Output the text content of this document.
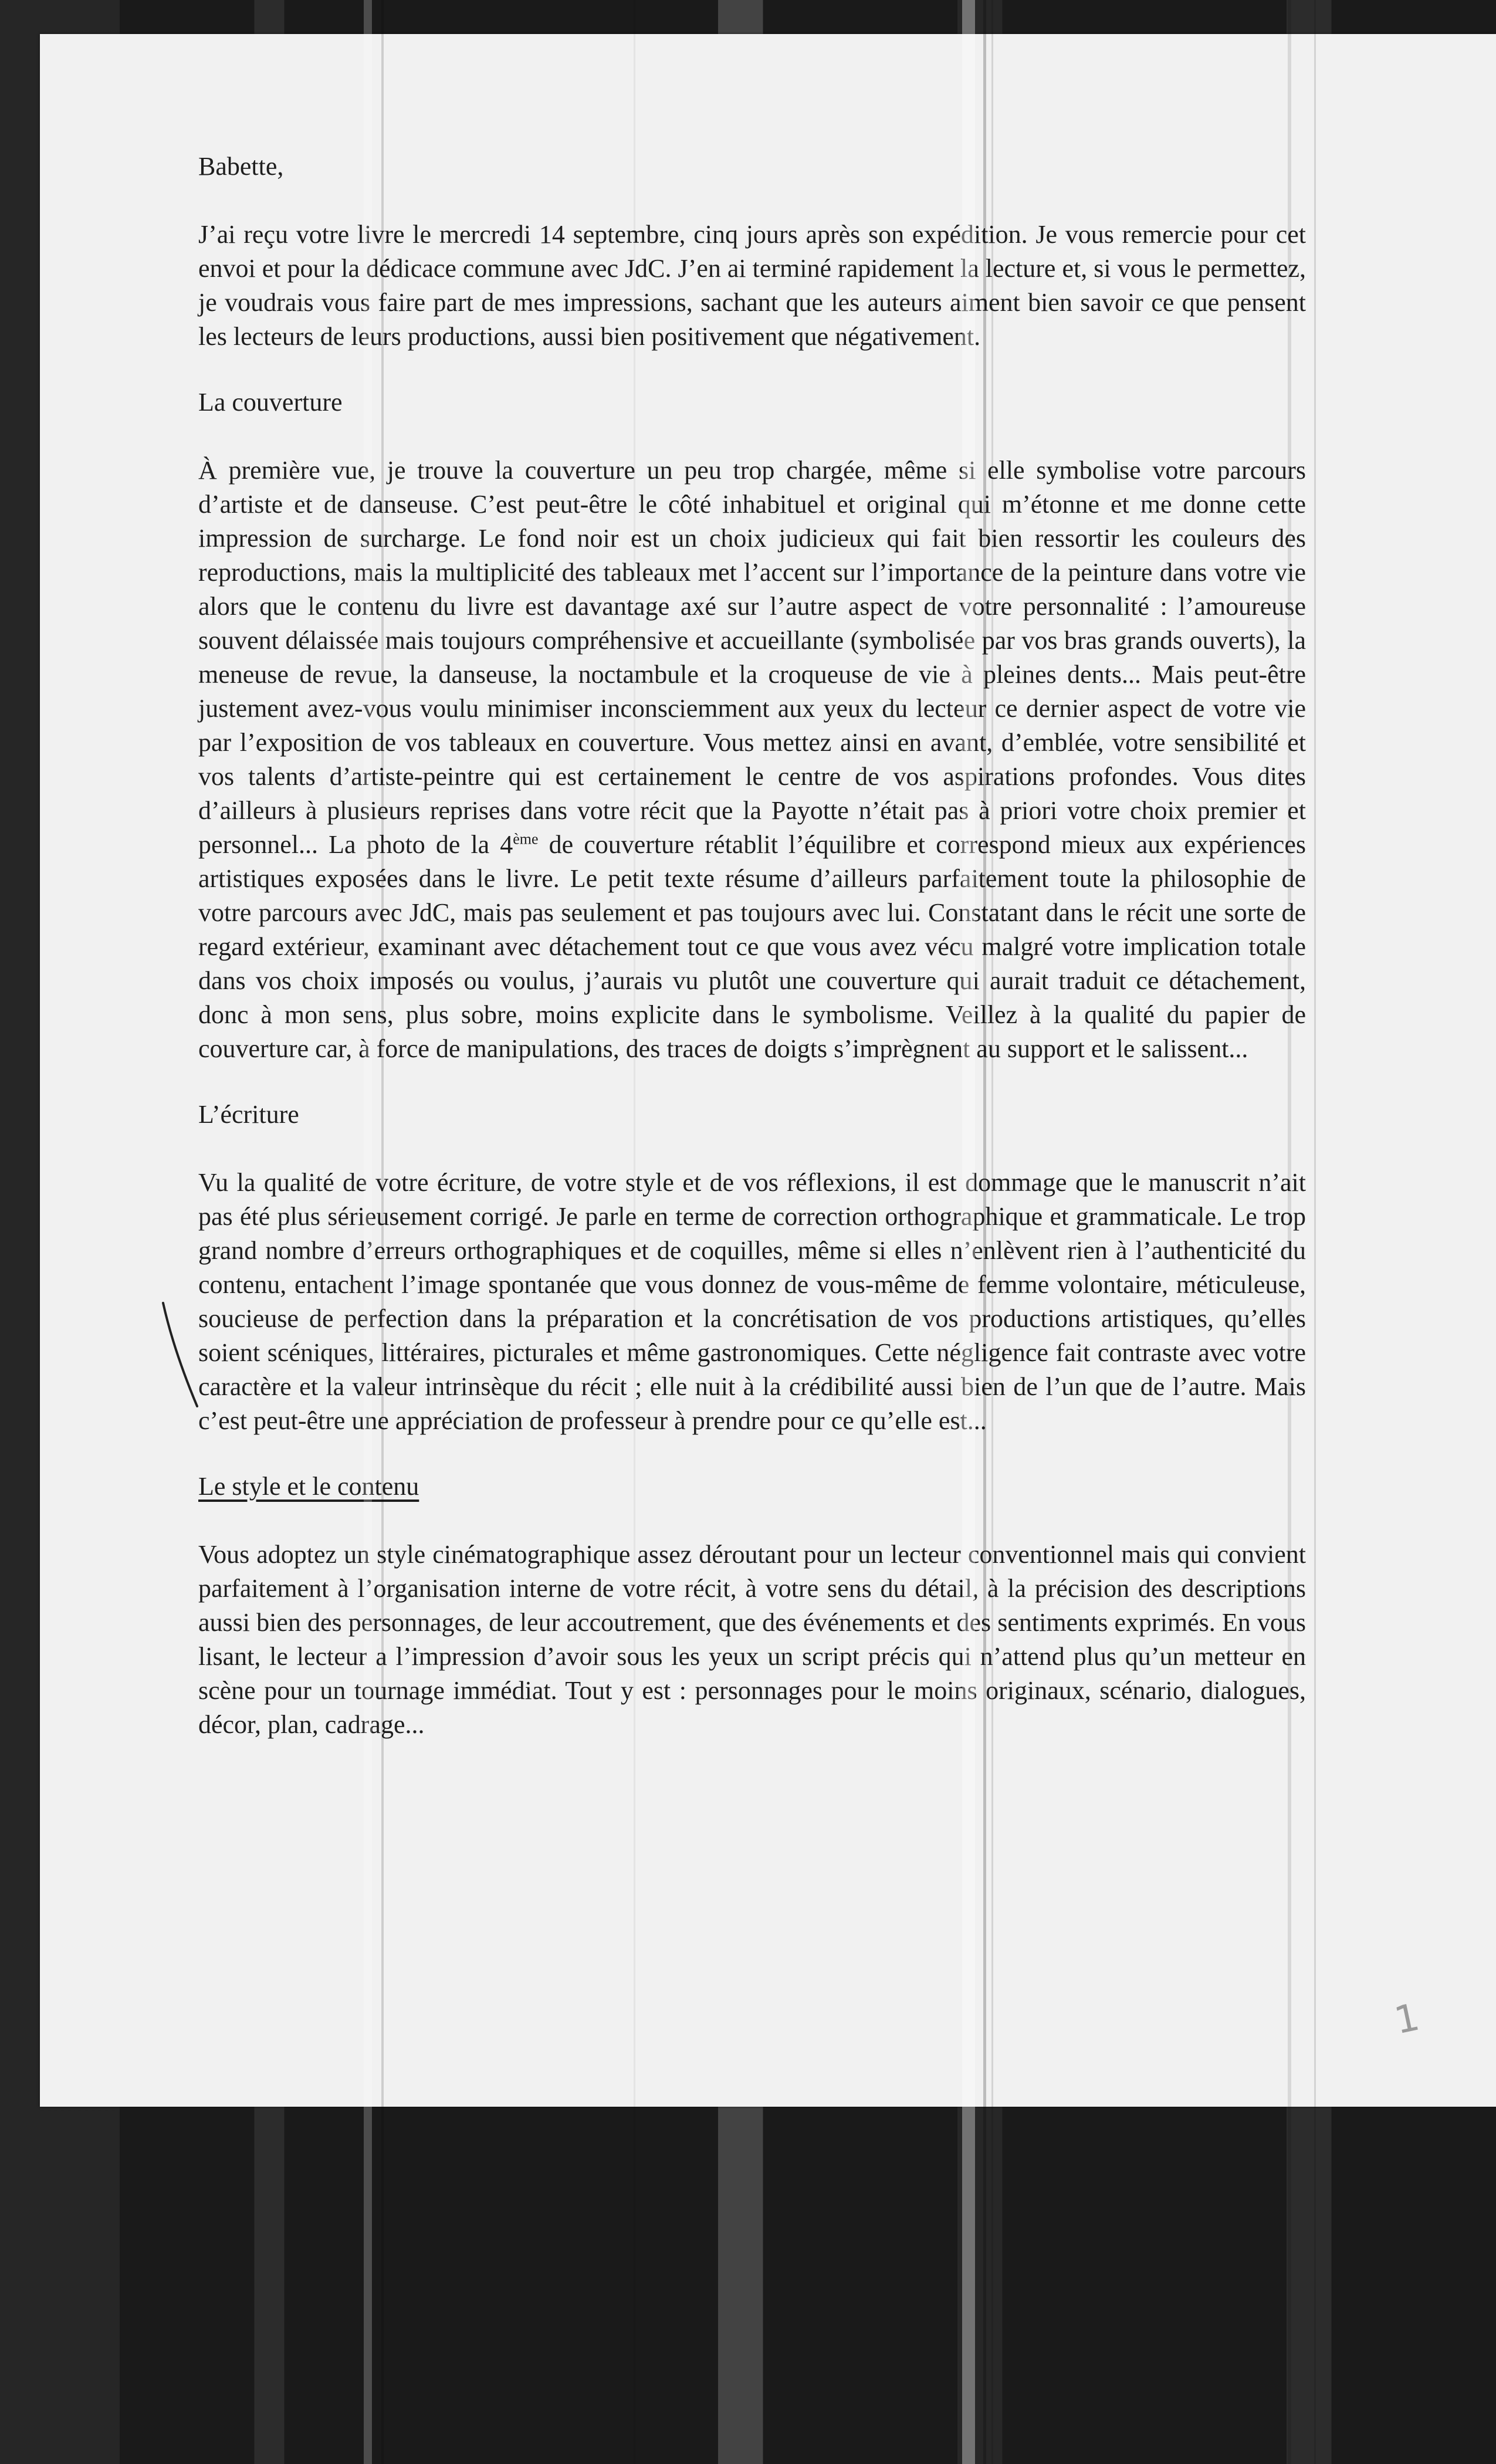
Babette,

J’ai reçu votre livre le mercredi 14 septembre, cinq jours après son expédition. Je vous remercie pour cet envoi et pour la dédicace commune avec JdC. J’en ai terminé rapidement la lecture et, si vous le permettez, je voudrais vous faire part de mes impressions, sachant que les auteurs aiment bien savoir ce que pensent les lecteurs de leurs productions, aussi bien positivement que négativement.

La couverture

À première vue, je trouve la couverture un peu trop chargée, même si elle symbolise votre parcours d’artiste et de danseuse. C’est peut-être le côté inhabituel et original qui m’étonne et me donne cette impression de surcharge. Le fond noir est un choix judicieux qui fait bien ressortir les couleurs des reproductions, mais la multiplicité des tableaux met l’accent sur l’importance de la peinture dans votre vie alors que le contenu du livre est davantage axé sur l’autre aspect de votre personnalité : l’amoureuse souvent délaissée mais toujours compréhensive et accueillante (symbolisée par vos bras grands ouverts), la meneuse de revue, la danseuse, la noctambule et la croqueuse de vie à pleines dents... Mais peut-être justement avez-vous voulu minimiser inconsciemment aux yeux du lecteur ce dernier aspect de votre vie par l’exposition de vos tableaux en couverture. Vous mettez ainsi en avant, d’emblée, votre sensibilité et vos talents d’artiste-peintre qui est certainement le centre de vos aspirations profondes. Vous dites d’ailleurs à plusieurs reprises dans votre récit que la Payotte n’était pas à priori votre choix premier et personnel... La photo de la 4ème de couverture rétablit l’équilibre et correspond mieux aux expériences artistiques exposées dans le livre. Le petit texte résume d’ailleurs parfaitement toute la philosophie de votre parcours avec JdC, mais pas seulement et pas toujours avec lui. Constatant dans le récit une sorte de regard extérieur, examinant avec détachement tout ce que vous avez vécu malgré votre implication totale dans vos choix imposés ou voulus, j’aurais vu plutôt une couverture qui aurait traduit ce détachement, donc à mon sens, plus sobre, moins explicite dans le symbolisme. Veillez à la qualité du papier de couverture car, à force de manipulations, des traces de doigts s’imprègnent au support et le salissent...

L’écriture

Vu la qualité de votre écriture, de votre style et de vos réflexions, il est dommage que le manuscrit n’ait pas été plus sérieusement corrigé. Je parle en terme de correction orthographique et grammaticale. Le trop grand nombre d’erreurs orthographiques et de coquilles, même si elles n’enlèvent rien à l’authenticité du contenu, entachent l’image spontanée que vous donnez de vous-même de femme volontaire, méticuleuse, soucieuse de perfection dans la préparation et la concrétisation de vos productions artistiques, qu’elles soient scéniques, littéraires, picturales et même gastronomiques. Cette négligence fait contraste avec votre caractère et la valeur intrinsèque du récit ; elle nuit à la crédibilité aussi bien de l’un que de l’autre. Mais c’est peut-être une appréciation de professeur à prendre pour ce qu’elle est...

Le style et le contenu

Vous adoptez un style cinématographique assez déroutant pour un lecteur conventionnel mais qui convient parfaitement à l’organisation interne de votre récit, à votre sens du détail, à la précision des descriptions aussi bien des personnages, de leur accoutrement, que des événements et des sentiments exprimés. En vous lisant, le lecteur a l’impression d’avoir sous les yeux un script précis qui n’attend plus qu’un metteur en scène pour un tournage immédiat. Tout y est : personnages pour le moins originaux, scénario, dialogues, décor, plan, cadrage...

1
